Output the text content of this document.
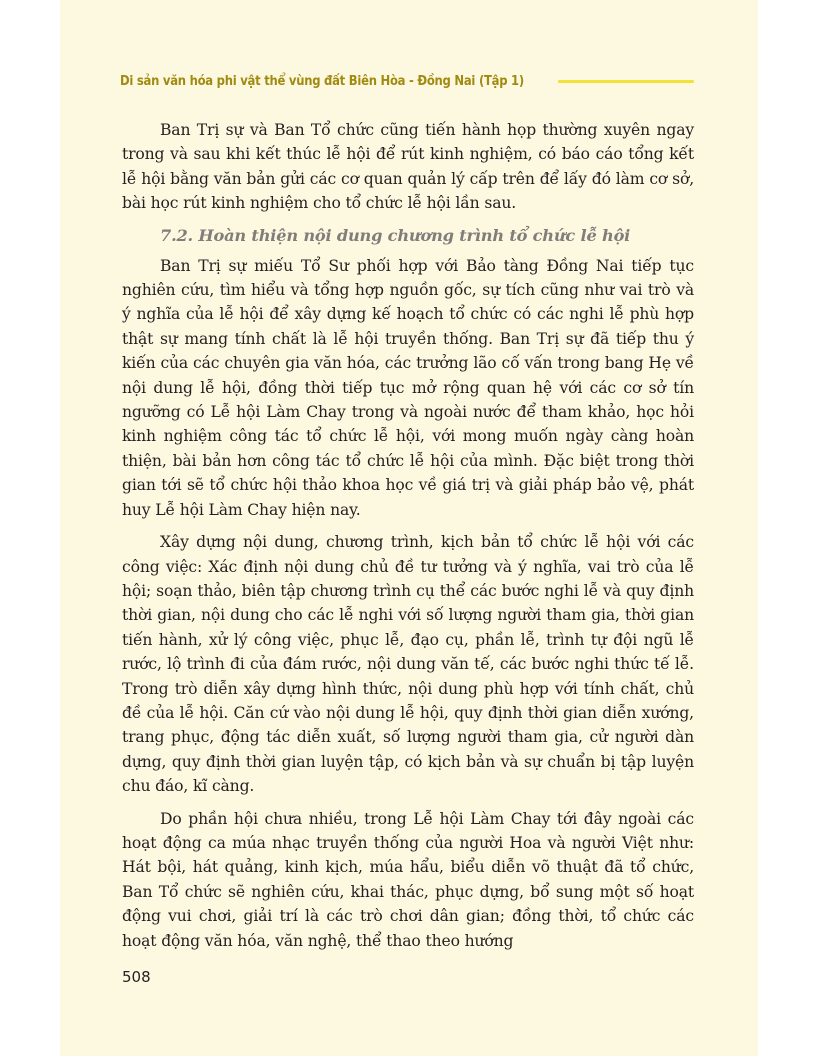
Di sản văn hóa phi vật thể vùng đất Biên Hòa - Đồng Nai (Tập 1)

Ban Trị sự và Ban Tổ chức cũng tiến hành họp thường xuyên ngay trong và sau khi kết thúc lễ hội để rút kinh nghiệm, có báo cáo tổng kết lễ hội bằng văn bản gửi các cơ quan quản lý cấp trên để lấy đó làm cơ sở, bài học rút kinh nghiệm cho tổ chức lễ hội lần sau.

7.2. Hoàn thiện nội dung chương trình tổ chức lễ hội

Ban Trị sự miếu Tổ Sư phối hợp với Bảo tàng Đồng Nai tiếp tục nghiên cứu, tìm hiểu và tổng hợp nguồn gốc, sự tích cũng như vai trò và ý nghĩa của lễ hội để xây dựng kế hoạch tổ chức có các nghi lễ phù hợp thật sự mang tính chất là lễ hội truyền thống. Ban Trị sự đã tiếp thu ý kiến của các chuyên gia văn hóa, các trưởng lão cố vấn trong bang Hẹ về nội dung lễ hội, đồng thời tiếp tục mở rộng quan hệ với các cơ sở tín ngưỡng có Lễ hội Làm Chay trong và ngoài nước để tham khảo, học hỏi kinh nghiệm công tác tổ chức lễ hội, với mong muốn ngày càng hoàn thiện, bài bản hơn công tác tổ chức lễ hội của mình. Đặc biệt trong thời gian tới sẽ tổ chức hội thảo khoa học về giá trị và giải pháp bảo vệ, phát huy Lễ hội Làm Chay hiện nay.

Xây dựng nội dung, chương trình, kịch bản tổ chức lễ hội với các công việc: Xác định nội dung chủ đề tư tưởng và ý nghĩa, vai trò của lễ hội; soạn thảo, biên tập chương trình cụ thể các bước nghi lễ và quy định thời gian, nội dung cho các lễ nghi với số lượng người tham gia, thời gian tiến hành, xử lý công việc, phục lễ, đạo cụ, phần lễ, trình tự đội ngũ lễ rước, lộ trình đi của đám rước, nội dung văn tế, các bước nghi thức tế lễ. Trong trò diễn xây dựng hình thức, nội dung phù hợp với tính chất, chủ đề của lễ hội. Căn cứ vào nội dung lễ hội, quy định thời gian diễn xướng, trang phục, động tác diễn xuất, số lượng người tham gia, cử người dàn dựng, quy định thời gian luyện tập, có kịch bản và sự chuẩn bị tập luyện chu đáo, kĩ càng.

Do phần hội chưa nhiều, trong Lễ hội Làm Chay tới đây ngoài các hoạt động ca múa nhạc truyền thống của người Hoa và người Việt như: Hát bội, hát quảng, kinh kịch, múa hẩu, biểu diễn võ thuật đã tổ chức, Ban Tổ chức sẽ nghiên cứu, khai thác, phục dựng, bổ sung một số hoạt động vui chơi, giải trí là các trò chơi dân gian; đồng thời, tổ chức các hoạt động văn hóa, văn nghệ, thể thao theo hướng

508
